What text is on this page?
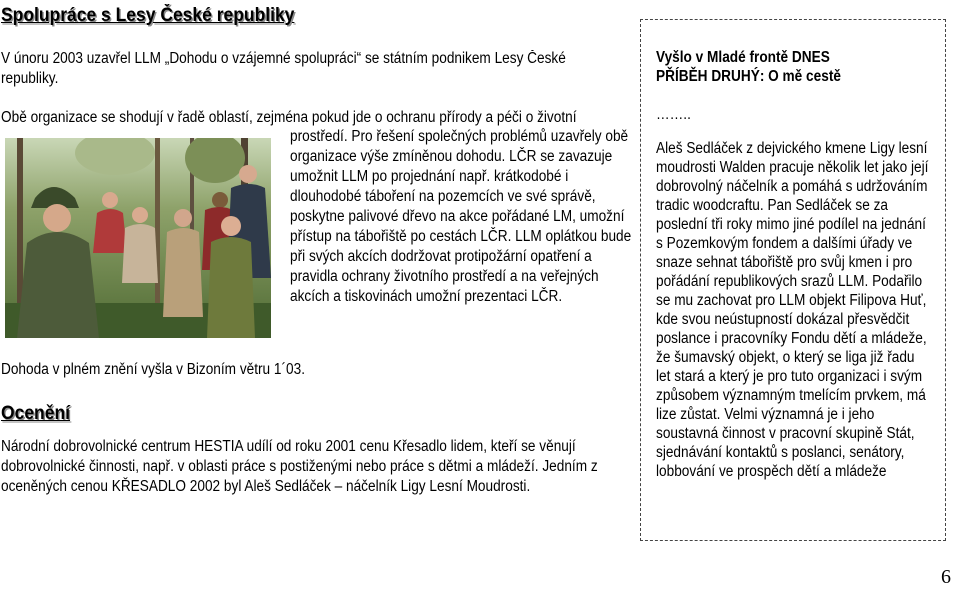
Spolupráce s Lesy České republiky

V únoru 2003 uzavřel LLM „Dohodu o vzájemné spolupráci“ se státním podnikem Lesy České republiky.

Obě organizace se shodují v řadě oblastí, zejména pokud jde o ochranu přírody a péči o životní

prostředí. Pro řešení společných problémů uzavřely obě organizace výše zmíněnou dohodu. LČR se zavazuje umožnit LLM po projednání např. krátkodobé i dlouhodobé táboření na pozemcích ve své správě, poskytne palivové dřevo na akce pořádané LM, umožní přístup na tábořiště po cestách LČR. LLM oplátkou bude při svých akcích dodržovat protipožární opatření a pravidla ochrany životního prostředí a na veřejných akcích a tiskovinách umožní prezentaci LČR.

Dohoda v plném znění vyšla v Bizoním větru 1´03.

Ocenění

Národní dobrovolnické centrum HESTIA udílí od roku 2001 cenu Křesadlo lidem, kteří se věnují dobrovolnické činnosti, např. v oblasti práce s postiženými nebo práce s dětmi a mládeží. Jedním z oceněných cenou KŘESADLO 2002 byl Aleš Sedláček – náčelník Ligy Lesní Moudrosti.

Vyšlo v Mladé frontě DNES
PŘÍBĚH DRUHÝ: O mě cestě
……..

Aleš Sedláček z dejvického kmene Ligy lesní moudrosti Walden pracuje několik let jako její dobrovolný náčelník a pomáhá s udržováním tradic woodcraftu. Pan Sedláček se za poslední tři roky mimo jiné podílel na jednání s Pozemkovým fondem a dalšími úřady ve snaze sehnat tábořiště pro svůj kmen i pro pořádání republikových srazů LLM. Podařilo se mu zachovat pro LLM objekt Filipova Huť, kde svou neústupností dokázal přesvědčit poslance i pracovníky Fondu dětí a mládeže, že šumavský objekt, o který se liga již řadu let stará a který je pro tuto organizaci i svým způsobem významným tmelícím prvkem, má lize zůstat. Velmi významná je i jeho soustavná činnost v pracovní skupině Stát, sjednávání kontaktů s poslanci, senátory, lobbování ve prospěch dětí a mládeže

6
